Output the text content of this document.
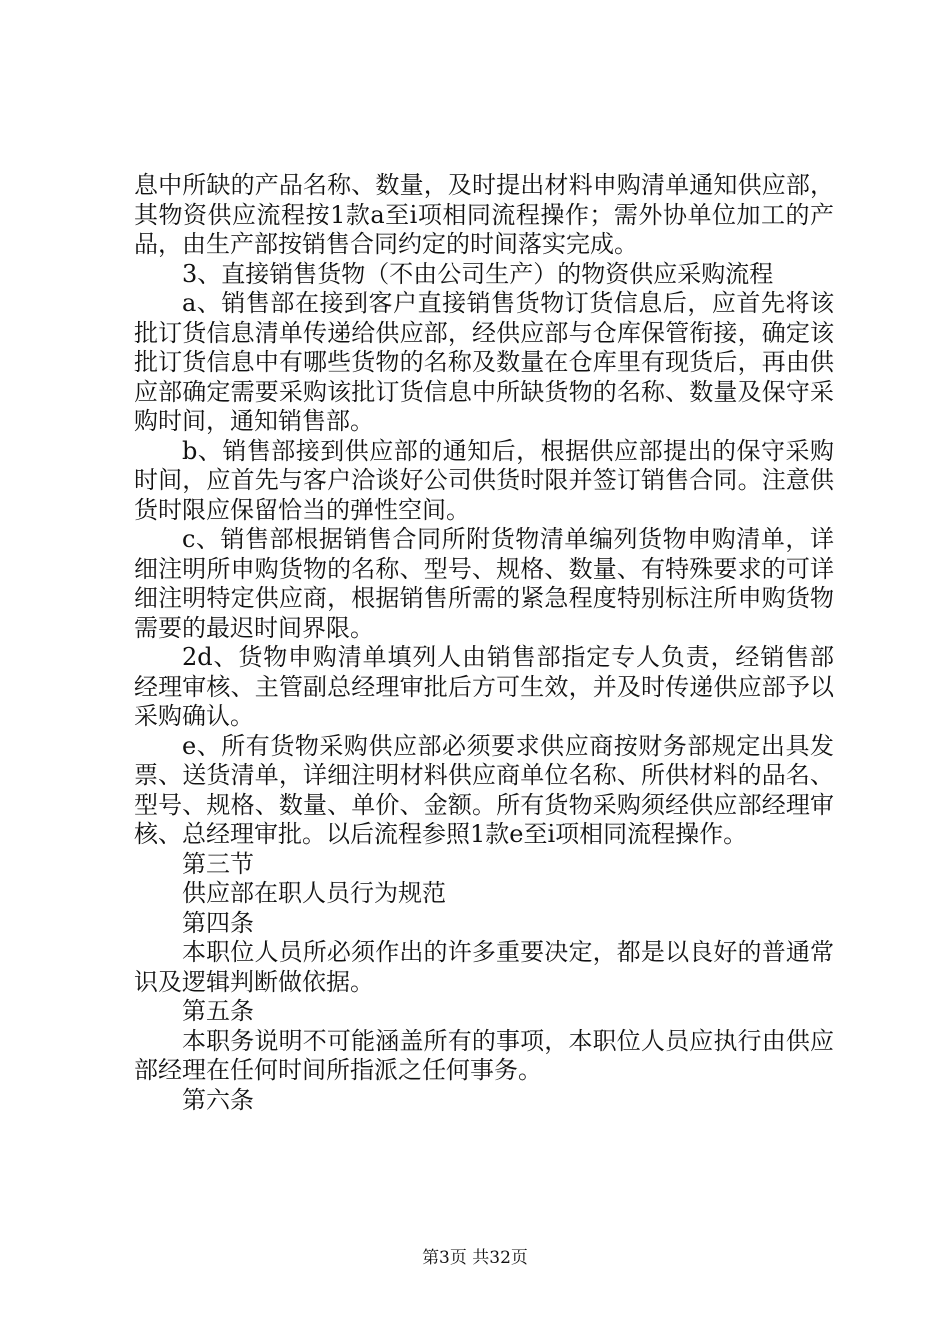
息中所缺的产品名称、数量，及时提出材料申购清单通知供应部，其物资供应流程按1款a至i项相同流程操作；需外协单位加工的产品，由生产部按销售合同约定的时间落实完成。

3、直接销售货物（不由公司生产）的物资供应采购流程

a、销售部在接到客户直接销售货物订货信息后，应首先将该批订货信息清单传递给供应部，经供应部与仓库保管衔接，确定该批订货信息中有哪些货物的名称及数量在仓库里有现货后，再由供应部确定需要采购该批订货信息中所缺货物的名称、数量及保守采购时间，通知销售部。

b、销售部接到供应部的通知后，根据供应部提出的保守采购时间，应首先与客户洽谈好公司供货时限并签订销售合同。注意供货时限应保留恰当的弹性空间。

c、销售部根据销售合同所附货物清单编列货物申购清单，详细注明所申购货物的名称、型号、规格、数量、有特殊要求的可详细注明特定供应商，根据销售所需的紧急程度特别标注所申购货物需要的最迟时间界限。

2d、货物申购清单填列人由销售部指定专人负责，经销售部经理审核、主管副总经理审批后方可生效，并及时传递供应部予以采购确认。

e、所有货物采购供应部必须要求供应商按财务部规定出具发票、送货清单，详细注明材料供应商单位名称、所供材料的品名、型号、规格、数量、单价、金额。所有货物采购须经供应部经理审核、总经理审批。以后流程参照1款e至i项相同流程操作。

第三节

供应部在职人员行为规范

第四条

本职位人员所必须作出的许多重要决定，都是以良好的普通常识及逻辑判断做依据。

第五条

本职务说明不可能涵盖所有的事项，本职位人员应执行由供应部经理在任何时间所指派之任何事务。

第六条

第3页 共32页
